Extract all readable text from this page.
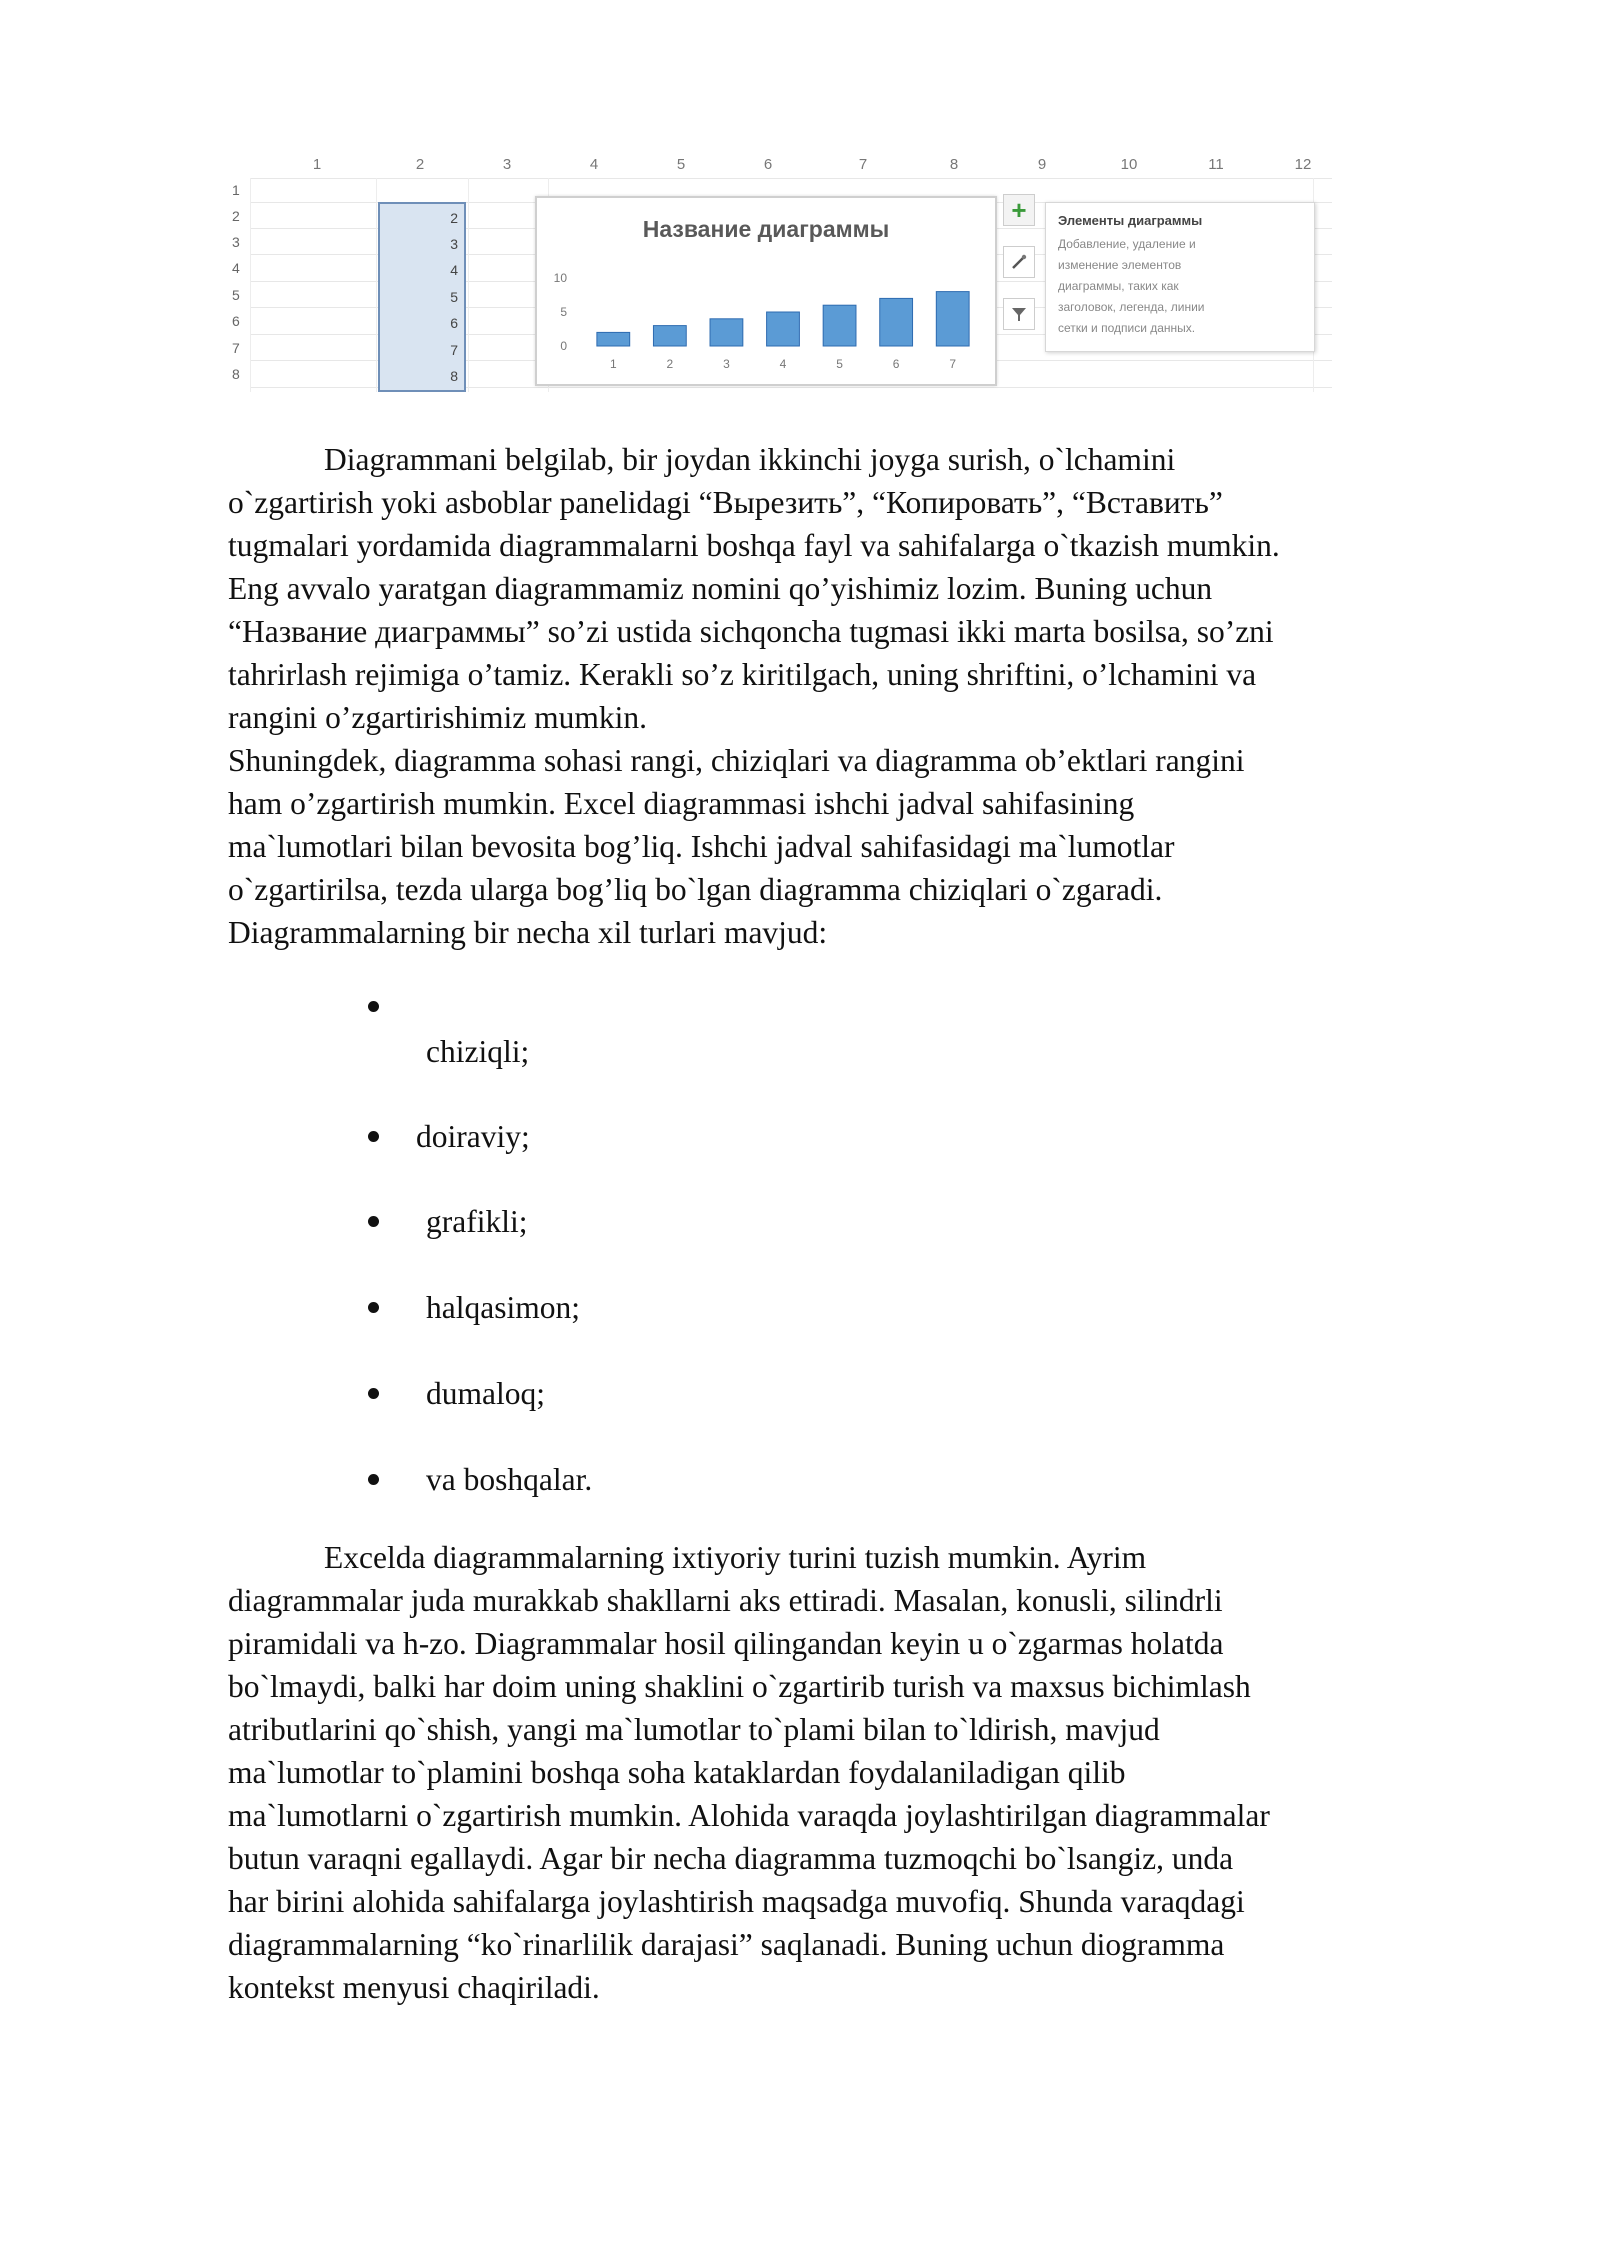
1	2	3	4	5	6	7	8	9	10	11	12
1
2
3
4
5
6
7
8
2
3
4
5
6
7
8
Название диаграммы
0
5
10
1	2	3	4	5	6	7
+ Элементы диаграммы
Добавление, удаление и
изменение элементов
диаграммы, таких как
заголовок, легенда, линии
сетки и подписи данных.
Diagrammani belgilab, bir joydan ikkinchi joyga surish, o`lchamini
o`zgartirish yoki asboblar panelidagi “Вырезить”, “Копировать”, “Вставить”
tugmalari yordamida diagrammalarni boshqa fayl va sahifalarga o`tkazish mumkin.
Eng avvalo yaratgan diagrammamiz nomini qo’yishimiz lozim. Buning uchun
“Название диаграммы” so’zi ustida sichqoncha tugmasi ikki marta bosilsa, so’zni
tahrirlash rejimiga o’tamiz. Kerakli so’z kiritilgach, uning shriftini, o’lchamini va
rangini o’zgartirishimiz mumkin.
Shuningdek, diagramma sohasi rangi, chiziqlari va diagramma ob’ektlari rangini
ham o’zgartirish mumkin. Excel diagrammasi ishchi jadval sahifasining
ma`lumotlari bilan bevosita bog’liq. Ishchi jadval sahifasidagi ma`lumotlar
o`zgartirilsa, tezda ularga bog’liq bo`lgan diagramma chiziqlari o`zgaradi.
Diagrammalarning bir necha xil turlari mavjud:
chiziqli;
doiraviy;
grafikli;
halqasimon;
dumaloq;
va boshqalar.
Excelda diagrammalarning ixtiyoriy turini tuzish mumkin. Ayrim
diagrammalar juda murakkab shakllarni aks ettiradi. Masalan, konusli, silindrli
piramidali va h-zo. Diagrammalar hosil qilingandan keyin u o`zgarmas holatda
bo`lmaydi, balki har doim uning shaklini o`zgartirib turish va maxsus bichimlash
atributlarini qo`shish, yangi ma`lumotlar to`plami bilan to`ldirish, mavjud
ma`lumotlar to`plamini boshqa soha kataklardan foydalaniladigan qilib
ma`lumotlarni o`zgartirish mumkin. Alohida varaqda joylashtirilgan diagrammalar
butun varaqni egallaydi. Agar bir necha diagramma tuzmoqchi bo`lsangiz, unda
har birini alohida sahifalarga joylashtirish maqsadga muvofiq. Shunda varaqdagi
diagrammalarning “ko`rinarlilik darajasi” saqlanadi. Buning uchun diogramma
kontekst menyusi chaqiriladi.
